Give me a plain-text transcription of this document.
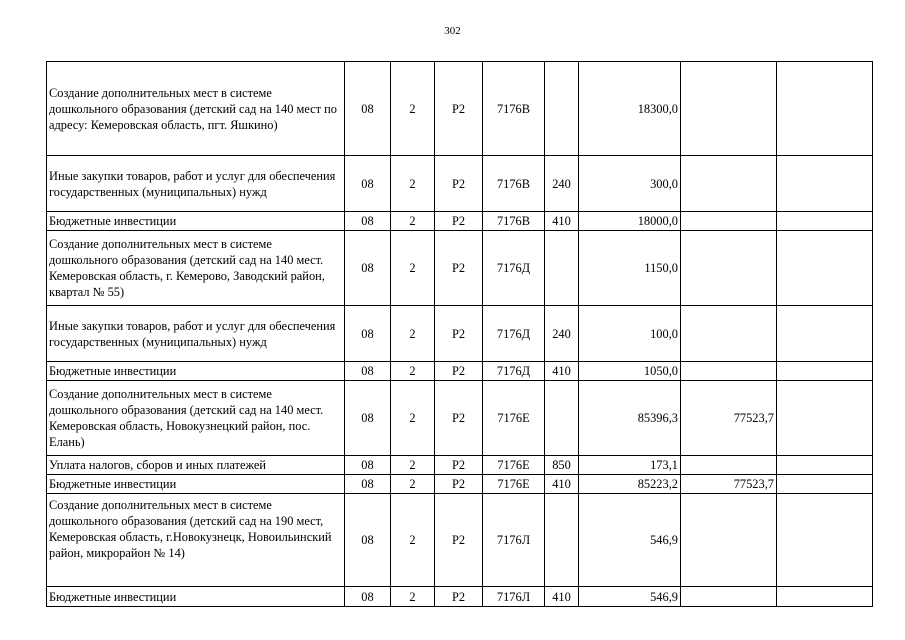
302
Создание дополнительных мест в системе дошкольного образования (детский сад на 140 мест по адресу: Кемеровская область, пгт. Яшкино)	08	2	Р2	7176В		18300,0		
Иные закупки товаров, работ и услуг для обеспечения государственных (муниципальных) нужд	08	2	Р2	7176В	240	300,0		
Бюджетные инвестиции	08	2	Р2	7176В	410	18000,0		
Создание дополнительных мест в системе дошкольного образования (детский сад на 140 мест. Кемеровская область, г. Кемерово, Заводский район, квартал № 55)	08	2	Р2	7176Д		1150,0		
Иные закупки товаров, работ и услуг для обеспечения государственных (муниципальных) нужд	08	2	Р2	7176Д	240	100,0		
Бюджетные инвестиции	08	2	Р2	7176Д	410	1050,0		
Создание дополнительных мест в системе дошкольного образования (детский сад на 140 мест. Кемеровская область, Новокузнецкий район, пос. Елань)	08	2	Р2	7176Е		85396,3	77523,7	
Уплата налогов, сборов и иных платежей	08	2	Р2	7176Е	850	173,1		
Бюджетные инвестиции	08	2	Р2	7176Е	410	85223,2	77523,7	
Создание дополнительных мест в системе дошкольного образования (детский сад на 190 мест, Кемеровская область, г.Новокузнецк, Новоильинский район, микрорайон № 14)	08	2	Р2	7176Л		546,9		
Бюджетные инвестиции	08	2	Р2	7176Л	410	546,9		
